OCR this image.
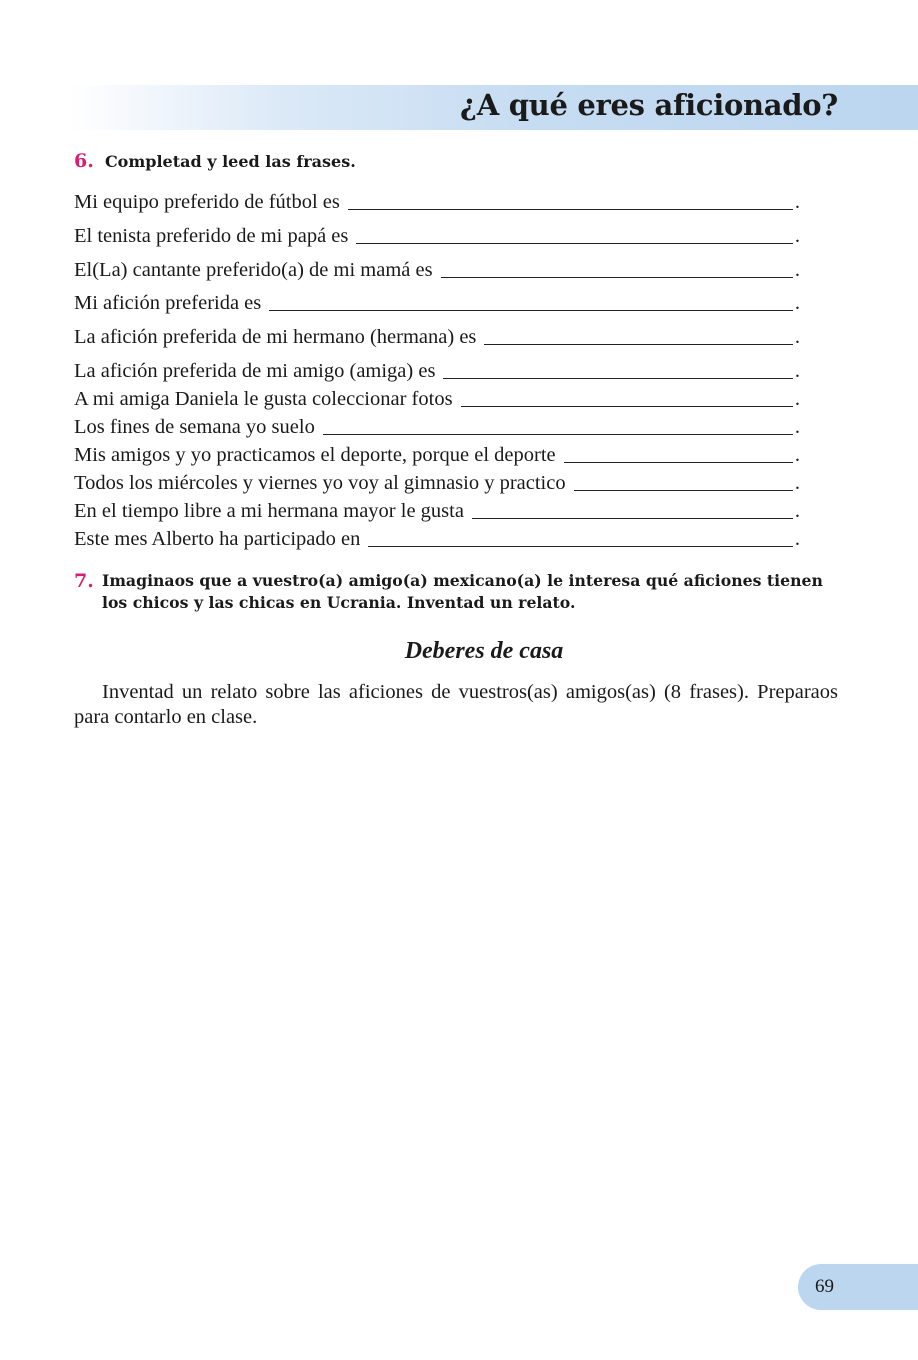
¿A qué eres aficionado?
6. Completad y leed las frases.
Mi equipo preferido de fútbol es	.
El tenista preferido de mi papá es	.
El(La) cantante preferido(a) de mi mamá es	.
Mi afición preferida es	.
La afición preferida de mi hermano (hermana) es	.
La afición preferida de mi amigo (amiga) es	.
A mi amiga Daniela le gusta coleccionar fotos	.
Los fines de semana yo suelo	.
Mis amigos y yo practicamos el deporte, porque el deporte	.
Todos los miércoles y viernes yo voy al gimnasio y practico	.
En el tiempo libre a mi hermana mayor le gusta	.
Este mes Alberto ha participado en	.
7. Imaginaos que a vuestro(a) amigo(a) mexicano(a) le interesa qué aficiones tienen los chicos y las chicas en Ucrania. Inventad un relato.
Deberes de casa
Inventad un relato sobre las aficiones de vuestros(as) amigos(as) (8 frases). Preparaos para contarlo en clase.
69
